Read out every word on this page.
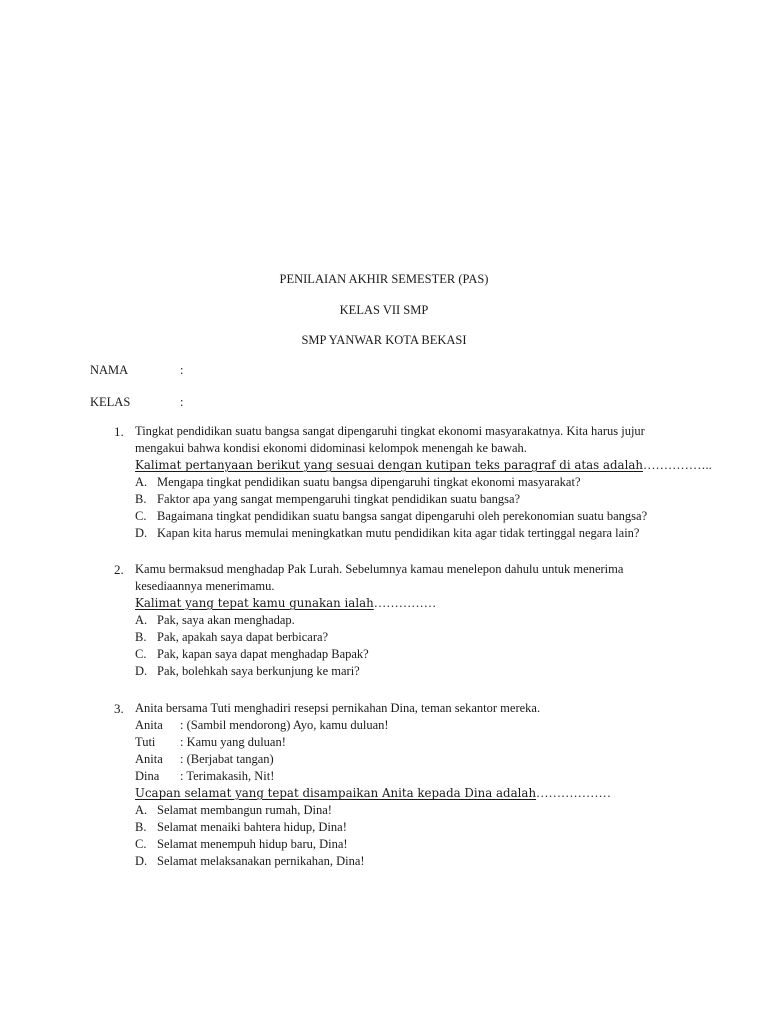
PENILAIAN AKHIR SEMESTER (PAS)
KELAS VII SMP
SMP YANWAR KOTA BEKASI
NAMA	:
KELAS	:
1. Tingkat pendidikan suatu bangsa sangat dipengaruhi tingkat ekonomi masyarakatnya. Kita harus jujur
mengakui bahwa kondisi ekonomi didominasi kelompok menengah ke bawah.
Kalimat pertanyaan berikut yang sesuai dengan kutipan teks paragraf di atas adalah……………..
A. Mengapa tingkat pendidikan suatu bangsa dipengaruhi tingkat ekonomi masyarakat?
B. Faktor apa yang sangat mempengaruhi tingkat pendidikan suatu bangsa?
C. Bagaimana tingkat pendidikan suatu bangsa sangat dipengaruhi oleh perekonomian suatu bangsa?
D. Kapan kita harus memulai meningkatkan mutu pendidikan kita agar tidak tertinggal negara lain?
2. Kamu bermaksud menghadap Pak Lurah. Sebelumnya kamau menelepon dahulu untuk menerima
kesediaannya menerimamu.
Kalimat yang tepat kamu gunakan ialah……………
A. Pak, saya akan menghadap.
B. Pak, apakah saya dapat berbicara?
C. Pak, kapan saya dapat menghadap Bapak?
D. Pak, bolehkah saya berkunjung ke mari?
3. Anita bersama Tuti menghadiri resepsi pernikahan Dina, teman sekantor mereka.
Anita : (Sambil mendorong) Ayo, kamu duluan!
Tuti : Kamu yang duluan!
Anita : (Berjabat tangan)
Dina : Terimakasih, Nit!
Ucapan selamat yang tepat disampaikan Anita kepada Dina adalah………………
A. Selamat membangun rumah, Dina!
B. Selamat menaiki bahtera hidup, Dina!
C. Selamat menempuh hidup baru, Dina!
D. Selamat melaksanakan pernikahan, Dina!
